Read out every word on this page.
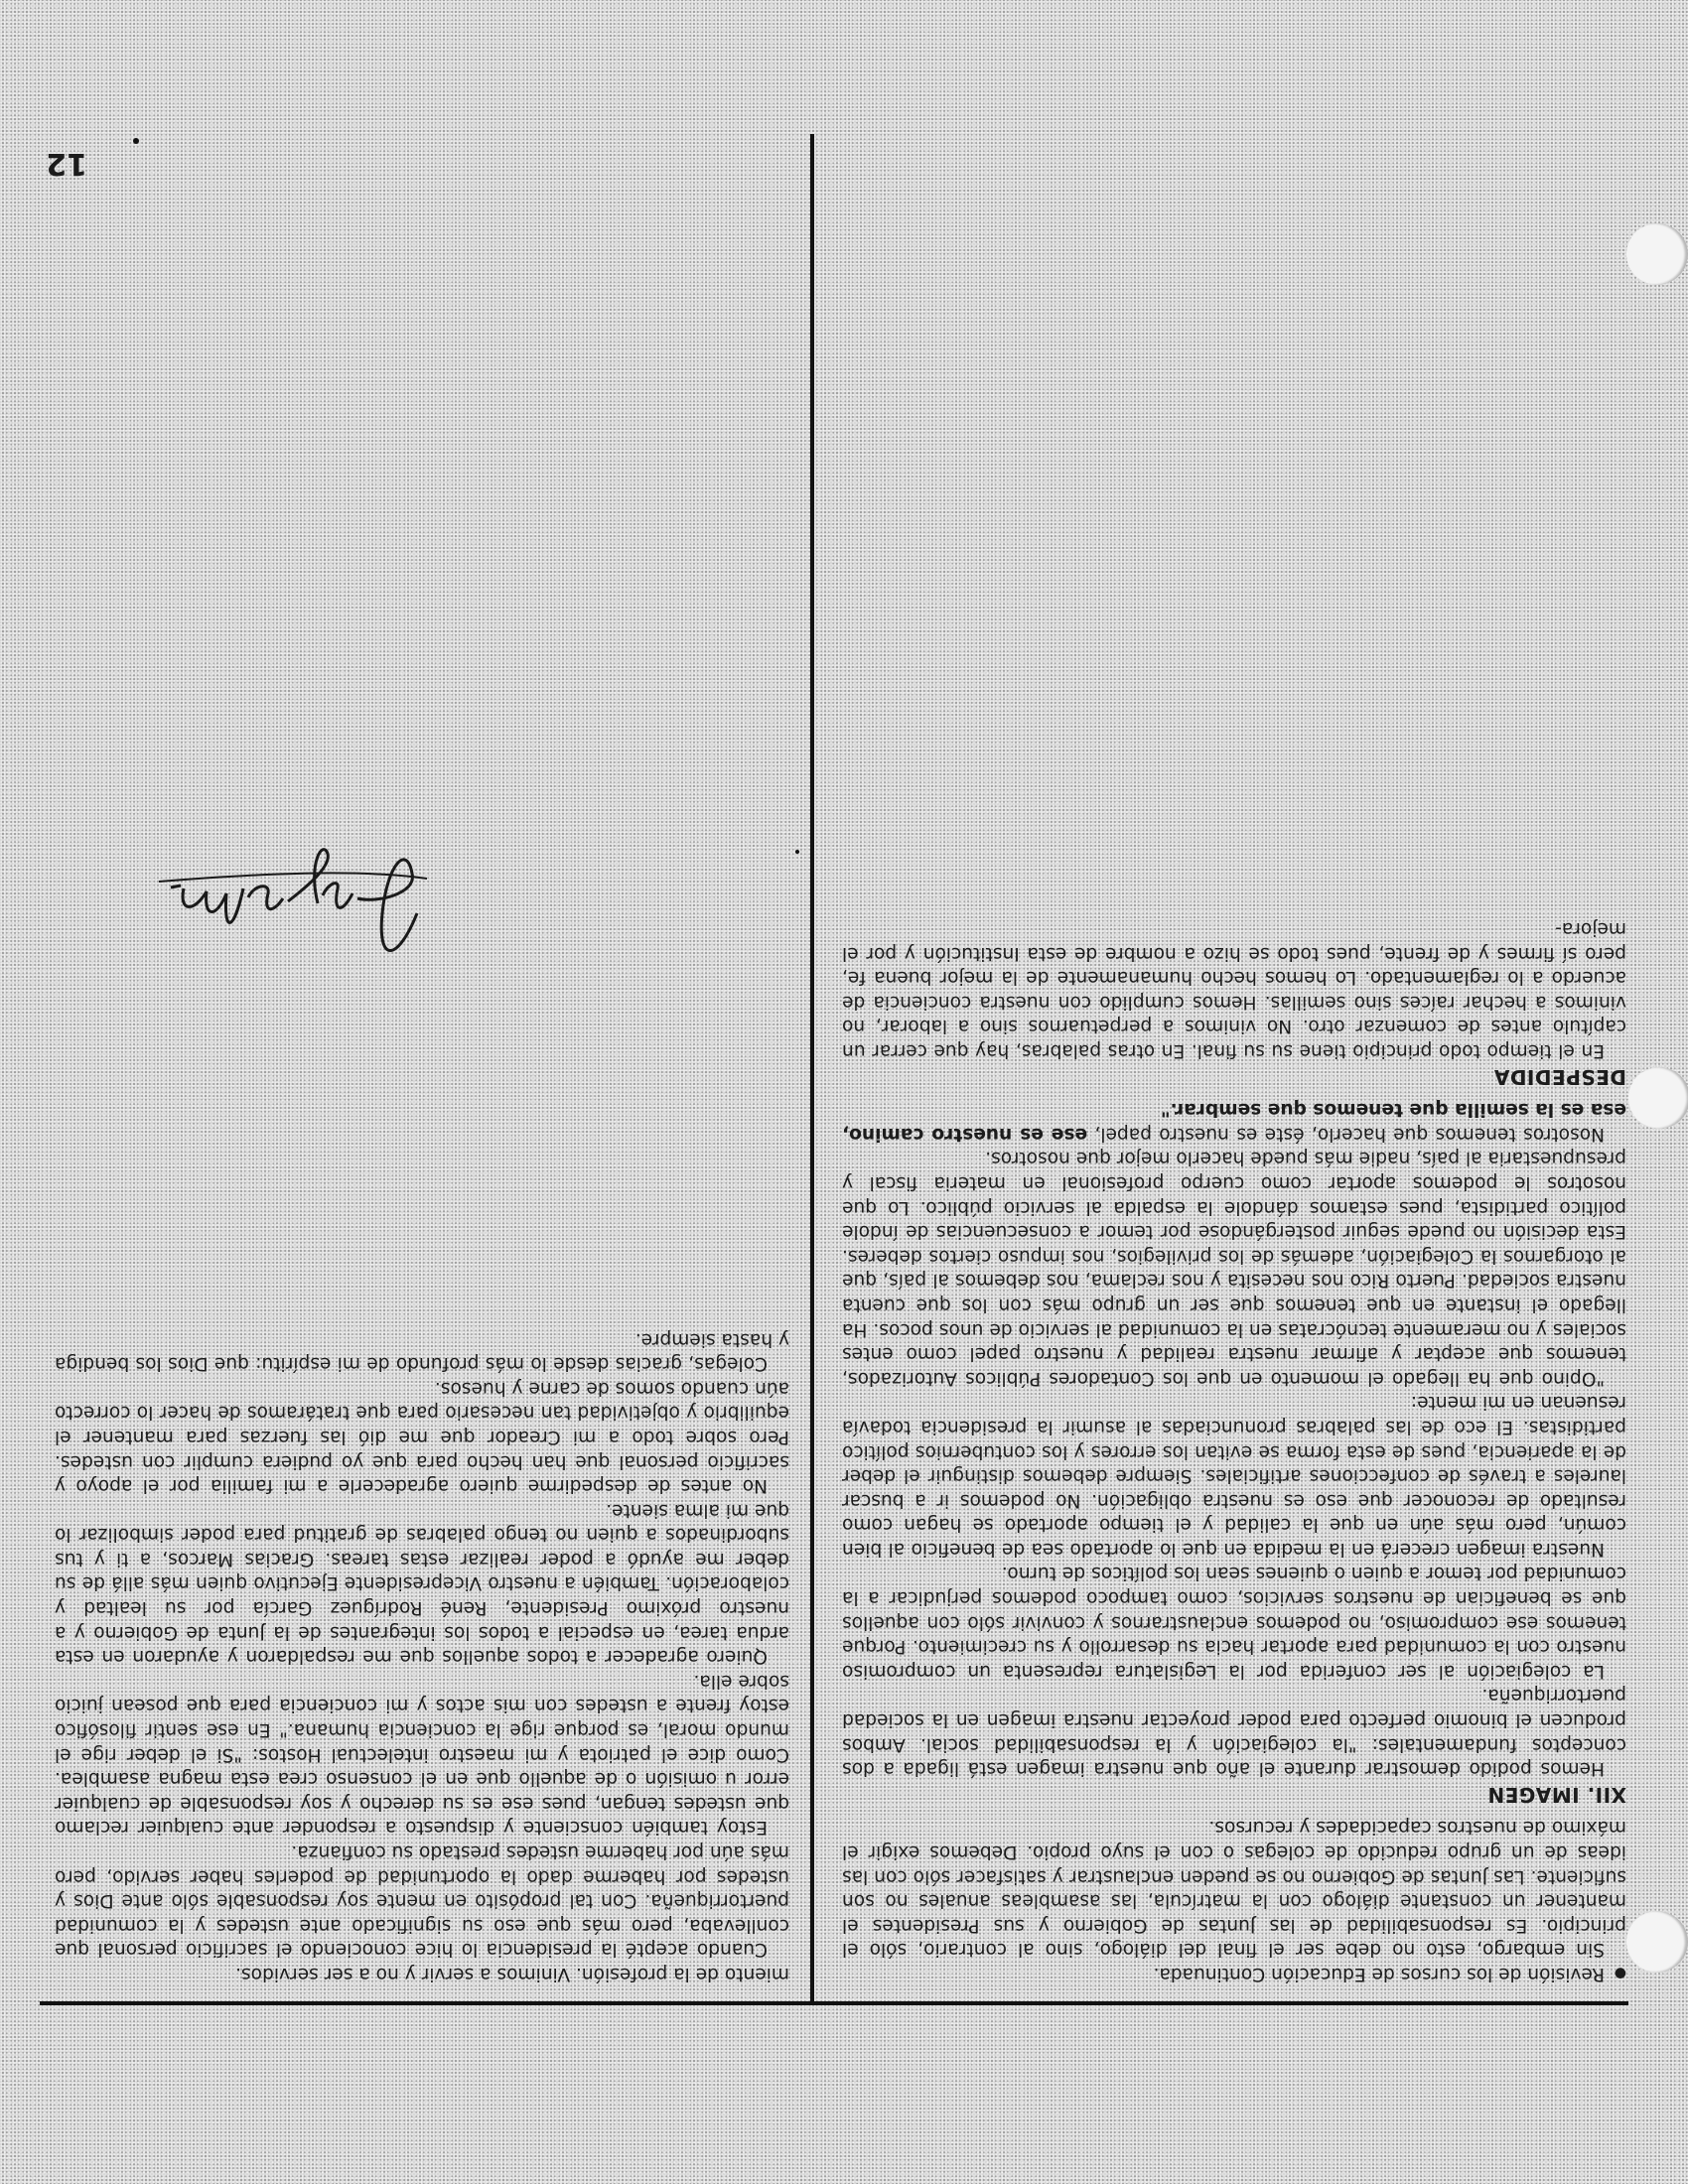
● Revisión de los cursos de Educación Continuada.

Sin embargo, esto no debe ser el final del diálogo, sino al contrario, sólo el principio. Es responsabilidad de las Juntas de Gobierno y sus Presidentes el mantener un constante diálogo con la matrícula, las asambleas anuales no son suficiente. Las Juntas de Gobierno no se pueden enclaustrar y satisfacer sólo con las ideas de un grupo reducido de colegas o con el suyo propio. Debemos exigir el máximo de nuestros capacidades y recursos.

XII. IMAGEN

Hemos podido demostrar durante el año que nuestra imagen está ligada a dos conceptos fundamentales: "la colegiación y la responsabilidad social. Ambos producen el binomio perfecto para poder proyectar nuestra imagen en la sociedad puertorriqueña.

La colegiación al ser conferida por la Legislatura representa un compromiso nuestro con la comunidad para aportar hacia su desarrollo y su crecimiento. Porque tenemos ese compromiso, no podemos enclaustrarnos y convivir sólo con aquellos que se benefician de nuestros servicios, como tampoco podemos perjudicar a la comunidad por temor a quien o quienes sean los políticos de turno.

Nuestra imagen crecerá en la medida en que lo aportado sea de beneficio al bien común, pero más aún en que la calidad y el tiempo aportado se hagan como resultado de reconocer que eso es nuestra obligación. No podemos ir a buscar laureles a través de confecciones artificiales. Siempre debemos distinguir el deber de la apariencia, pues de esta forma se evitan los errores y los contubernios político partidistas. El eco de las palabras pronunciadas al asumir la presidencia todavía resuenan en mi mente:

"Opino que ha llegado el momento en que los Contadores Públicos Autorizados, tenemos que aceptar y afirmar nuestra realidad y nuestro papel como entes sociales y no meramente tecnócratas en la comunidad al servicio de unos pocos. Ha llegado el instante en que tenemos que ser un grupo más con los que cuenta nuestra sociedad. Puerto Rico nos necesita y nos reclama, nos debemos al país, que al otorgarnos la Colegiación, además de los privilegios, nos impuso ciertos deberes. Esta decisión no puede seguir postergándose por temor a consecuencias de índole político partidista, pues estamos dándole la espalda al servicio público. Lo que nosotros le podemos aportar como cuerpo profesional en materia fiscal y presupuestaria al país, nadie más puede hacerlo mejor que nosotros.

Nosotros tenemos que hacerlo, éste es nuestro papel, ese es nuestro camino, esa es la semilla que tenemos que sembrar."

DESPEDIDA

En el tiempo todo principio tiene su su final. En otras palabras, hay que cerrar un capítulo antes de comenzar otro. No vinimos a perpetuarnos sino a laborar, no vinimos a hechar raíces sino semillas. Hemos cumplido con nuestra conciencia de acuerdo a lo reglamentado. Lo hemos hecho humanamente de la mejor buena fe, pero sí firmes y de frente, pues todo se hizo a nombre de esta Institución y por el mejora-

miento de la profesión. Vinimos a servir y no a ser servidos.

Cuando acepté la presidencia lo hice conociendo el sacrificio personal que conllevaba, pero más que eso su significado ante ustedes y la comunidad puertorriqueña. Con tal propósito en mente soy responsable sólo ante Dios y ustedes por haberme dado la oportunidad de poderles haber servido, pero más aún por haberme ustedes prestado su confianza.

Estoy también consciente y dispuesto a responder ante cualquier reclamo que ustedes tengan, pues ese es su derecho y soy responsable de cualquier error u omisión o de aquello que en el consenso crea esta magna asamblea. Como dice el patriota y mi maestro intelectual Hostos: "Si el deber rige el mundo moral, es porque rige la conciencia humana." En ese sentir filosófico estoy frente a ustedes con mis actos y mi conciencia para que posean juicio sobre ella.

Quiero agradecer a todos aquellos que me respaldaron y ayudaron en esta ardua tarea, en especial a todos los integrantes de la Junta de Gobierno y a nuestro próximo Presidente, René Rodríguez García por su lealtad y colaboración. También a nuestro Vicepresidente Ejecutivo quien más allá de su deber me ayudó a poder realizar estas tareas. Gracias Marcos, a ti y tus subordinados a quien no tengo palabras de gratitud para poder simbolizar lo que mi alma siente.

No antes de despedirme quiero agradecerle a mi familia por el apoyo y sacrificio personal que han hecho para que yo pudiera cumplir con ustedes. Pero sobre todo a mi Creador que me dió las fuerzas para mantener el equilibrio y objetividad tan necesario para que tratáramos de hacer lo correcto aún cuando somos de carne y huesos.

Colegas, gracias desde lo más profundo de mi espíritu: que Dios los bendiga y hasta siempre.

12
